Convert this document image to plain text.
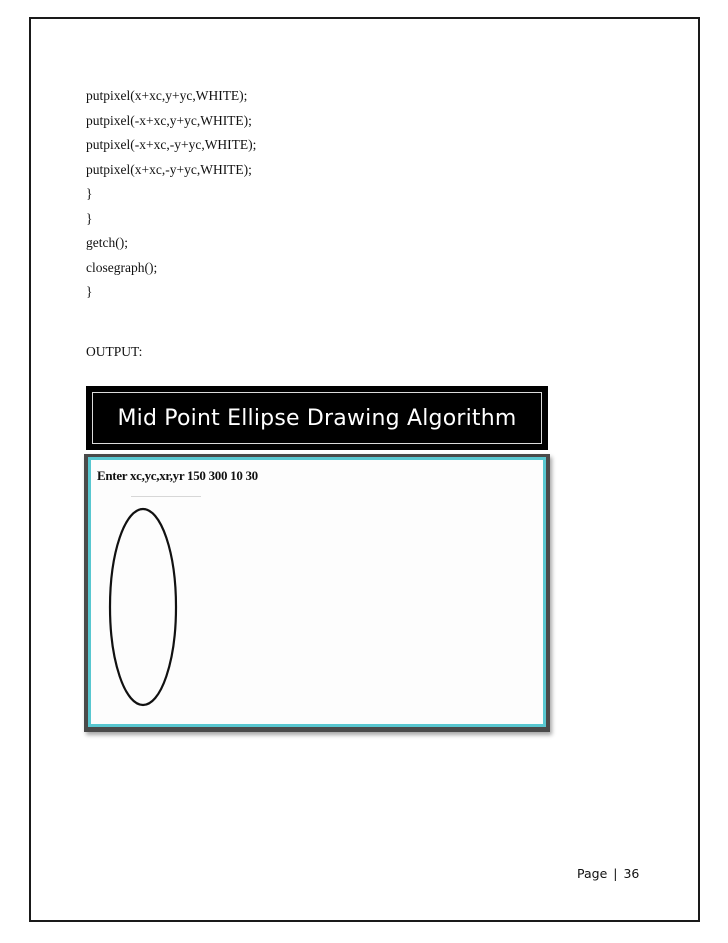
putpixel(x+xc,y+yc,WHITE);
putpixel(-x+xc,y+yc,WHITE);
putpixel(-x+xc,-y+yc,WHITE);
putpixel(x+xc,-y+yc,WHITE);
}
}
getch();
closegraph();
}
OUTPUT:
Mid Point Ellipse Drawing Algorithm
Enter xc,yc,xr,yr 150 300 10 30
Page | 36
